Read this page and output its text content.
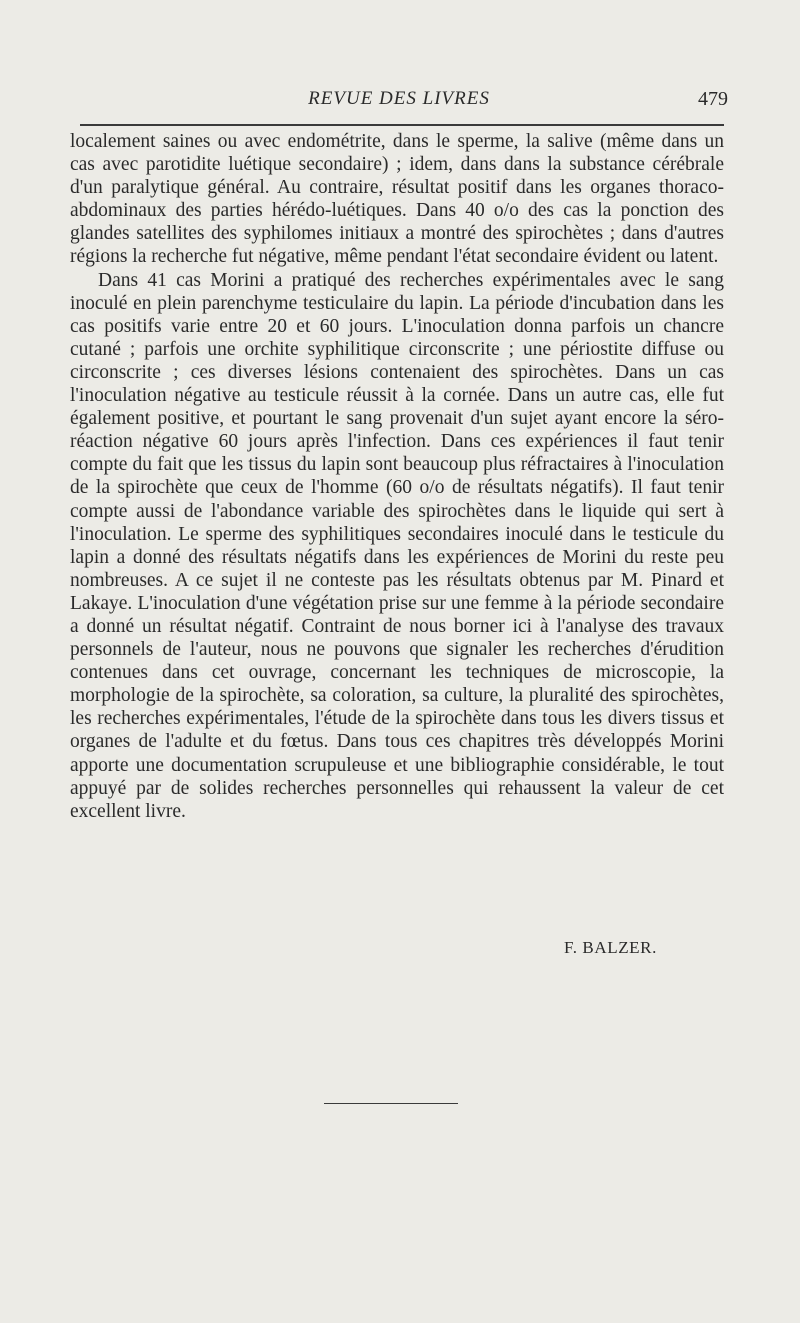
REVUE DES LIVRES	479

localement saines ou avec endométrite, dans le sperme, la salive (même dans un cas avec parotidite luétique secondaire) ; idem, dans dans la substance cérébrale d'un paralytique général. Au contraire, résultat positif dans les organes thoraco-abdominaux des parties hérédo-luétiques. Dans 40 o/o des cas la ponction des glandes satellites des syphilomes initiaux a montré des spirochètes ; dans d'autres régions la recherche fut négative, même pendant l'état secondaire évident ou latent.

Dans 41 cas Morini a pratiqué des recherches expérimentales avec le sang inoculé en plein parenchyme testiculaire du lapin. La période d'incubation dans les cas positifs varie entre 20 et 60 jours. L'inoculation donna parfois un chancre cutané ; parfois une orchite syphilitique circonscrite ; une périostite diffuse ou circonscrite ; ces diverses lésions contenaient des spirochètes. Dans un cas l'inoculation négative au testicule réussit à la cornée. Dans un autre cas, elle fut également positive, et pourtant le sang provenait d'un sujet ayant encore la séro-réaction négative 60 jours après l'infection. Dans ces expériences il faut tenir compte du fait que les tissus du lapin sont beaucoup plus réfractaires à l'inoculation de la spirochète que ceux de l'homme (60 o/o de résultats négatifs). Il faut tenir compte aussi de l'abondance variable des spirochètes dans le liquide qui sert à l'inoculation. Le sperme des syphilitiques secondaires inoculé dans le testicule du lapin a donné des résultats négatifs dans les expériences de Morini du reste peu nombreuses. A ce sujet il ne conteste pas les résultats obtenus par M. Pinard et Lakaye. L'inoculation d'une végétation prise sur une femme à la période secondaire a donné un résultat négatif. Contraint de nous borner ici à l'analyse des travaux personnels de l'auteur, nous ne pouvons que signaler les recherches d'érudition contenues dans cet ouvrage, concernant les techniques de microscopie, la morphologie de la spirochète, sa coloration, sa culture, la pluralité des spirochètes, les recherches expérimentales, l'étude de la spirochète dans tous les divers tissus et organes de l'adulte et du fœtus. Dans tous ces chapitres très développés Morini apporte une documentation scrupuleuse et une bibliographie considérable, le tout appuyé par de solides recherches personnelles qui rehaussent la valeur de cet excellent livre.

F. BALZER.
